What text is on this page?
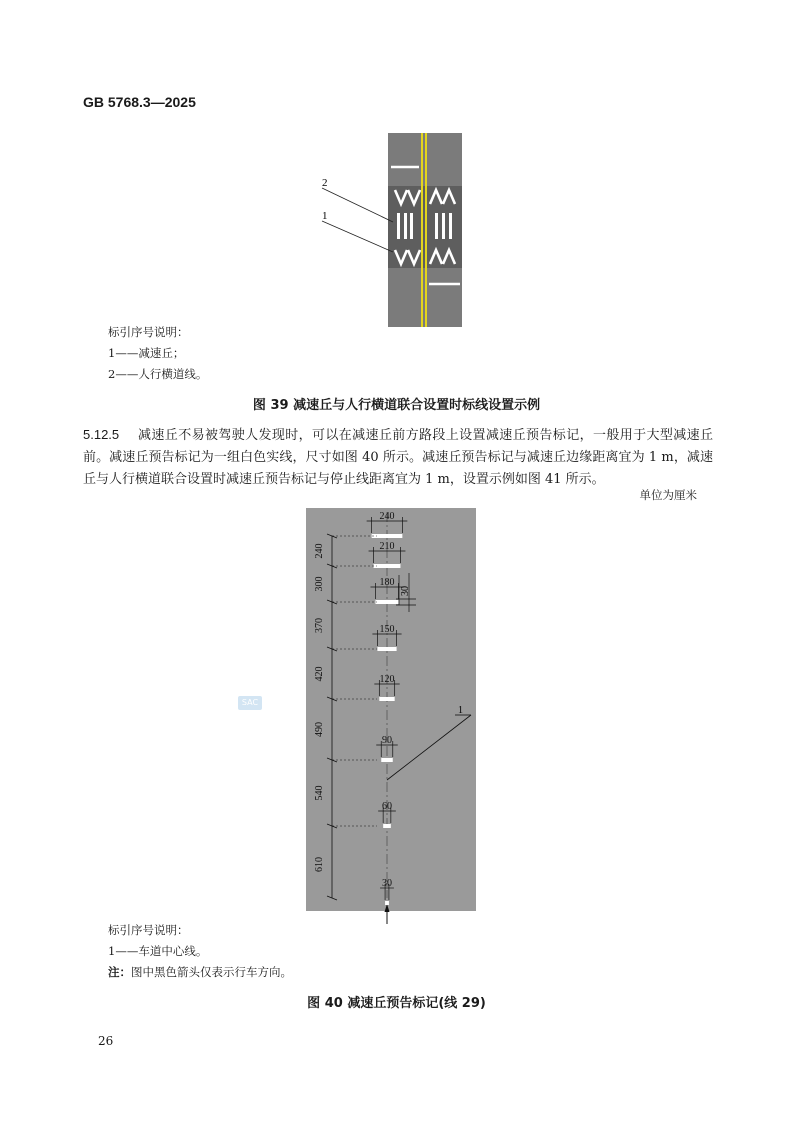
GB 5768.3—2025
2
1
标引序号说明：
1——减速丘；
2——人行横道线。
图 39 减速丘与人行横道联合设置时标线设置示例
5.12.5 减速丘不易被驾驶人发现时，可以在减速丘前方路段上设置减速丘预告标记，一般用于大型减速丘前。减速丘预告标记为一组白色实线，尺寸如图 40 所示。减速丘预告标记与减速丘边缘距离宜为 1 m，减速丘与人行横道联合设置时减速丘预告标记与停止线距离宜为 1 m，设置示例如图 41 所示。
单位为厘米
240
210
180
150
120
90
60
30
240
300
370
420
490
540
610
30
1
SAC
标引序号说明：
1——车道中心线。
注：图中黑色箭头仅表示行车方向。
图 40 减速丘预告标记(线 29)
26
